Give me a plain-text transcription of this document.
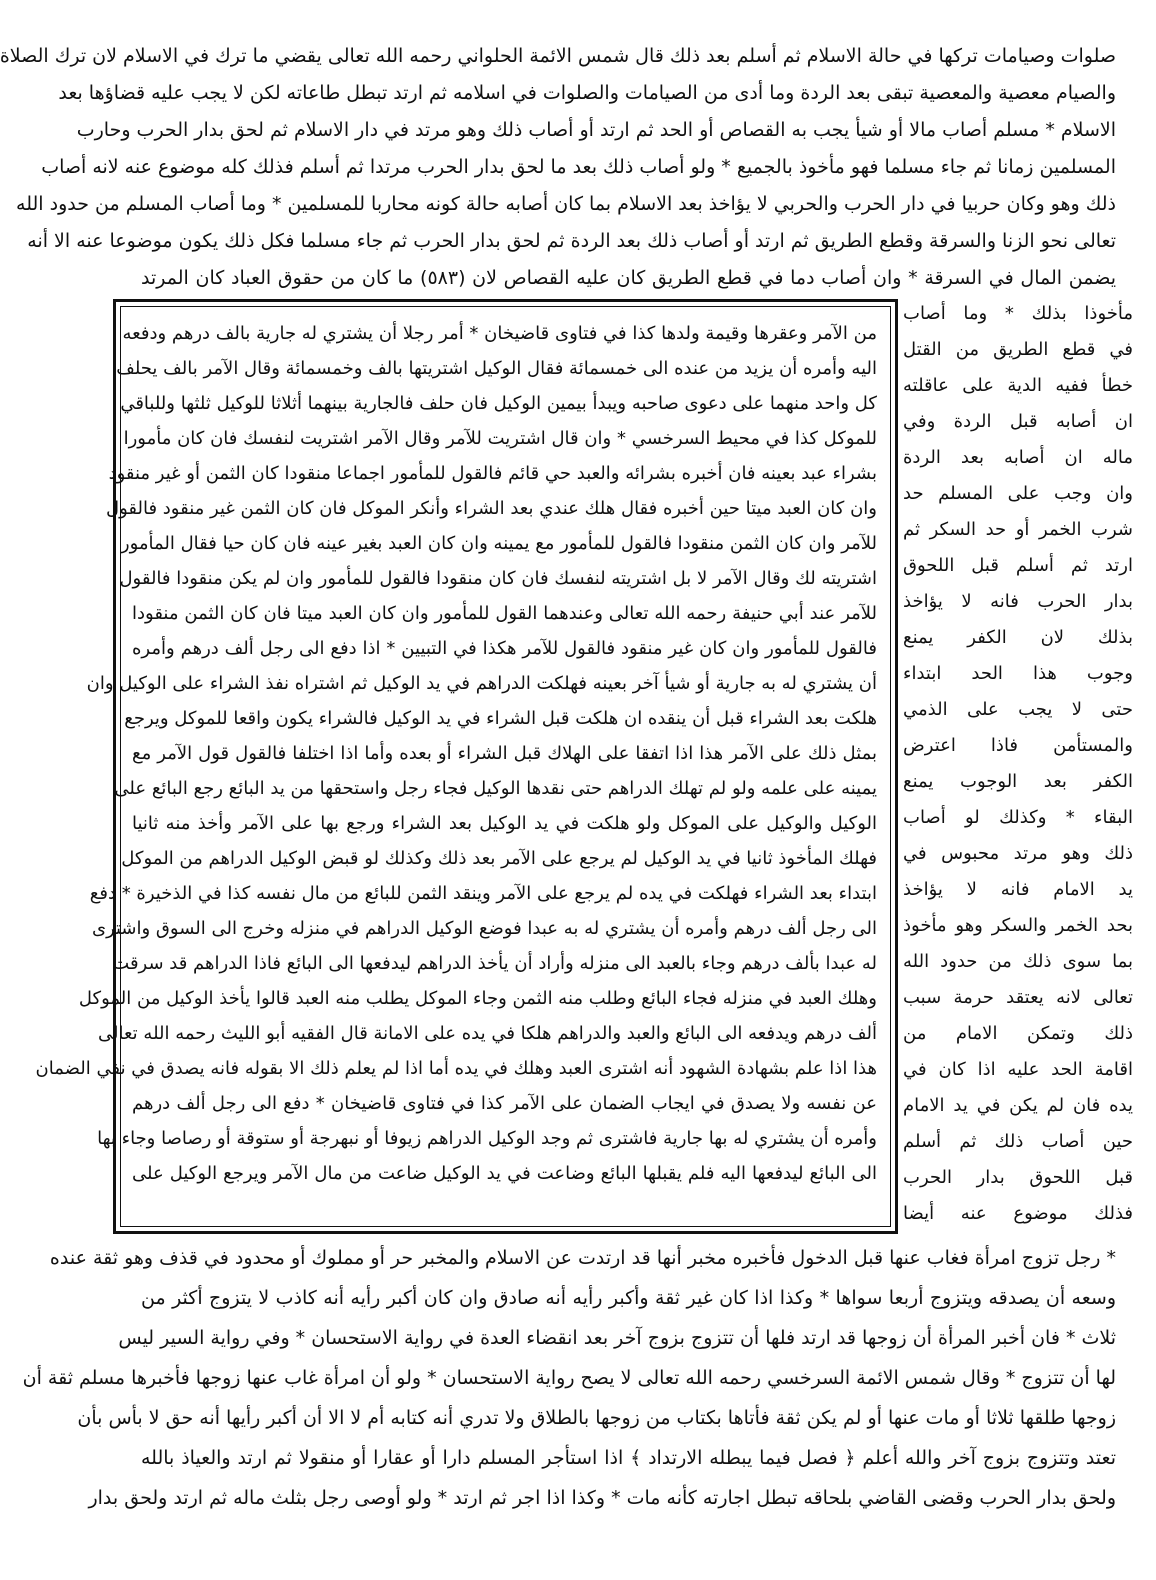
صلوات وصيامات تركها في حالة الاسلام ثم أسلم بعد ذلك قال شمس الائمة الحلواني رحمه الله تعالى يقضي ما ترك في الاسلام لان ترك الصلاة
والصيام معصية والمعصية تبقى بعد الردة وما أدى من الصيامات والصلوات في اسلامه ثم ارتد تبطل طاعاته لكن لا يجب عليه قضاؤها بعد
الاسلام * مسلم أصاب مالا أو شيأ يجب به القصاص أو الحد ثم ارتد أو أصاب ذلك وهو مرتد في دار الاسلام ثم لحق بدار الحرب وحارب
المسلمين زمانا ثم جاء مسلما فهو مأخوذ بالجميع * ولو أصاب ذلك بعد ما لحق بدار الحرب مرتدا ثم أسلم فذلك كله موضوع عنه لانه أصاب
ذلك وهو وكان حربيا في دار الحرب والحربي لا يؤاخذ بعد الاسلام بما كان أصابه حالة كونه محاربا للمسلمين * وما أصاب المسلم من حدود الله
تعالى نحو الزنا والسرقة وقطع الطريق ثم ارتد أو أصاب ذلك بعد الردة ثم لحق بدار الحرب ثم جاء مسلما فكل ذلك يكون موضوعا عنه الا أنه
يضمن المال في السرقة * وان أصاب دما في قطع الطريق كان عليه القصاص لان (٥٨٣) ما كان من حقوق العباد كان المرتد
مأخوذا بذلك * وما أصاب
في قطع الطريق من القتل
خطأ ففيه الدية على عاقلته
ان أصابه قبل الردة وفي
ماله ان أصابه بعد الردة
وان وجب على المسلم حد
شرب الخمر أو حد السكر ثم
ارتد ثم أسلم قبل اللحوق
بدار الحرب فانه لا يؤاخذ
بذلك لان الكفر يمنع
وجوب هذا الحد ابتداء
حتى لا يجب على الذمي
والمستأمن فاذا اعترض
الكفر بعد الوجوب يمنع
البقاء * وكذلك لو أصاب
ذلك وهو مرتد محبوس في
يد الامام فانه لا يؤاخذ
بحد الخمر والسكر وهو مأخوذ
بما سوى ذلك من حدود الله
تعالى لانه يعتقد حرمة سبب
ذلك وتمكن الامام من
اقامة الحد عليه اذا كان في
يده فان لم يكن في يد الامام
حين أصاب ذلك ثم أسلم
قبل اللحوق بدار الحرب
فذلك موضوع عنه أيضا
من الآمر وعقرها وقيمة ولدها كذا في فتاوى قاضيخان * أمر رجلا أن يشتري له جارية بالف درهم ودفعه
اليه وأمره أن يزيد من عنده الى خمسمائة فقال الوكيل اشتريتها بالف وخمسمائة وقال الآمر بالف يحلف
كل واحد منهما على دعوى صاحبه ويبدأ بيمين الوكيل فان حلف فالجارية بينهما أثلاثا للوكيل ثلثها وللباقي
للموكل كذا في محيط السرخسي * وان قال اشتريت للآمر وقال الآمر اشتريت لنفسك فان كان مأمورا
بشراء عبد بعينه فان أخبره بشرائه والعبد حي قائم فالقول للمأمور اجماعا منقودا كان الثمن أو غير منقود
وان كان العبد ميتا حين أخبره فقال هلك عندي بعد الشراء وأنكر الموكل فان كان الثمن غير منقود فالقول
للآمر وان كان الثمن منقودا فالقول للمأمور مع يمينه وان كان العبد بغير عينه فان كان حيا فقال المأمور
اشتريته لك وقال الآمر لا بل اشتريته لنفسك فان كان منقودا فالقول للمأمور وان لم يكن منقودا فالقول
للآمر عند أبي حنيفة رحمه الله تعالى وعندهما القول للمأمور وان كان العبد ميتا فان كان الثمن منقودا
فالقول للمأمور وان كان غير منقود فالقول للآمر هكذا في التبيين * اذا دفع الى رجل ألف درهم وأمره
أن يشتري له به جارية أو شيأ آخر بعينه فهلكت الدراهم في يد الوكيل ثم اشتراه نفذ الشراء على الوكيل وان
هلكت بعد الشراء قبل أن ينقده ان هلكت قبل الشراء في يد الوكيل فالشراء يكون واقعا للموكل ويرجع
بمثل ذلك على الآمر هذا اذا اتفقا على الهلاك قبل الشراء أو بعده وأما اذا اختلفا فالقول قول الآمر مع
يمينه على علمه ولو لم تهلك الدراهم حتى نقدها الوكيل فجاء رجل واستحقها من يد البائع رجع البائع على
الوكيل والوكيل على الموكل ولو هلكت في يد الوكيل بعد الشراء ورجع بها على الآمر وأخذ منه ثانيا
فهلك المأخوذ ثانيا في يد الوكيل لم يرجع على الآمر بعد ذلك وكذلك لو قبض الوكيل الدراهم من الموكل
ابتداء بعد الشراء فهلكت في يده لم يرجع على الآمر وينقد الثمن للبائع من مال نفسه كذا في الذخيرة * دفع
الى رجل ألف درهم وأمره أن يشتري له به عبدا فوضع الوكيل الدراهم في منزله وخرج الى السوق واشترى
له عبدا بألف درهم وجاء بالعبد الى منزله وأراد أن يأخذ الدراهم ليدفعها الى البائع فاذا الدراهم قد سرقت
وهلك العبد في منزله فجاء البائع وطلب منه الثمن وجاء الموكل يطلب منه العبد قالوا يأخذ الوكيل من الموكل
ألف درهم ويدفعه الى البائع والعبد والدراهم هلكا في يده على الامانة قال الفقيه أبو الليث رحمه الله تعالى
هذا اذا علم بشهادة الشهود أنه اشترى العبد وهلك في يده أما اذا لم يعلم ذلك الا بقوله فانه يصدق في نفي الضمان
عن نفسه ولا يصدق في ايجاب الضمان على الآمر كذا في فتاوى قاضيخان * دفع الى رجل ألف درهم
وأمره أن يشتري له بها جارية فاشترى ثم وجد الوكيل الدراهم زيوفا أو نبهرجة أو ستوقة أو رصاصا وجاء بها
الى البائع ليدفعها اليه فلم يقبلها البائع وضاعت في يد الوكيل ضاعت من مال الآمر ويرجع الوكيل على
* رجل تزوج امرأة فغاب عنها قبل الدخول فأخبره مخبر أنها قد ارتدت عن الاسلام والمخبر حر أو مملوك أو محدود في قذف وهو ثقة عنده
وسعه أن يصدقه ويتزوج أربعا سواها * وكذا اذا كان غير ثقة وأكبر رأيه أنه صادق وان كان أكبر رأيه أنه كاذب لا يتزوج أكثر من
ثلاث * فان أخبر المرأة أن زوجها قد ارتد فلها أن تتزوج بزوج آخر بعد انقضاء العدة في رواية الاستحسان * وفي رواية السير ليس
لها أن تتزوج * وقال شمس الائمة السرخسي رحمه الله تعالى لا يصح رواية الاستحسان * ولو أن امرأة غاب عنها زوجها فأخبرها مسلم ثقة أن
زوجها طلقها ثلاثا أو مات عنها أو لم يكن ثقة فأتاها بكتاب من زوجها بالطلاق ولا تدري أنه كتابه أم لا الا أن أكبر رأيها أنه حق لا بأس بأن
تعتد وتتزوج بزوج آخر والله أعلم ﴿ فصل فيما يبطله الارتداد ﴾ اذا استأجر المسلم دارا أو عقارا أو منقولا ثم ارتد والعياذ بالله
ولحق بدار الحرب وقضى القاضي بلحاقه تبطل اجارته كأنه مات * وكذا اذا اجر ثم ارتد * ولو أوصى رجل بثلث ماله ثم ارتد ولحق بدار
